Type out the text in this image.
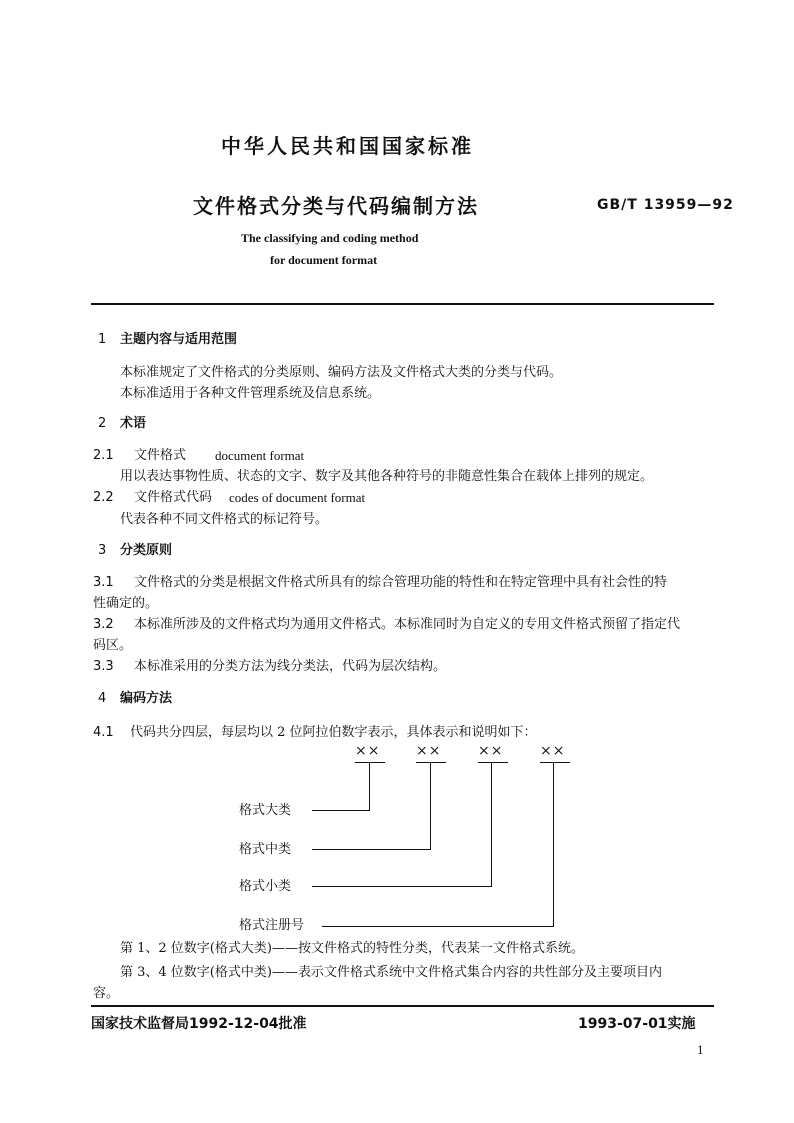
中华人民共和国国家标准
文件格式分类与代码编制方法	GB/T 13959—92
The classifying and coding method
for document format
1 主题内容与适用范围
本标准规定了文件格式的分类原则、编码方法及文件格式大类的分类与代码。
本标准适用于各种文件管理系统及信息系统。
2 术语
2.1 文件格式 document format
用以表达事物性质、状态的文字、数字及其他各种符号的非随意性集合在载体上排列的规定。
2.2 文件格式代码 codes of document format
代表各种不同文件格式的标记符号。
3 分类原则
3.1 文件格式的分类是根据文件格式所具有的综合管理功能的特性和在特定管理中具有社会性的特
性确定的。
3.2 本标准所涉及的文件格式均为通用文件格式。本标准同时为自定义的专用文件格式预留了指定代
码区。
3.3 本标准采用的分类方法为线分类法，代码为层次结构。
4 编码方法
4.1 代码共分四层，每层均以 2 位阿拉伯数字表示，具体表示和说明如下：
××	××	××	××
格式大类
格式中类
格式小类
格式注册号
第 1、2 位数字(格式大类)——按文件格式的特性分类，代表某一文件格式系统。
第 3、4 位数字(格式中类)——表示文件格式系统中文件格式集合内容的共性部分及主要项目内
容。
国家技术监督局1992-12-04批准	1993-07-01实施
1
